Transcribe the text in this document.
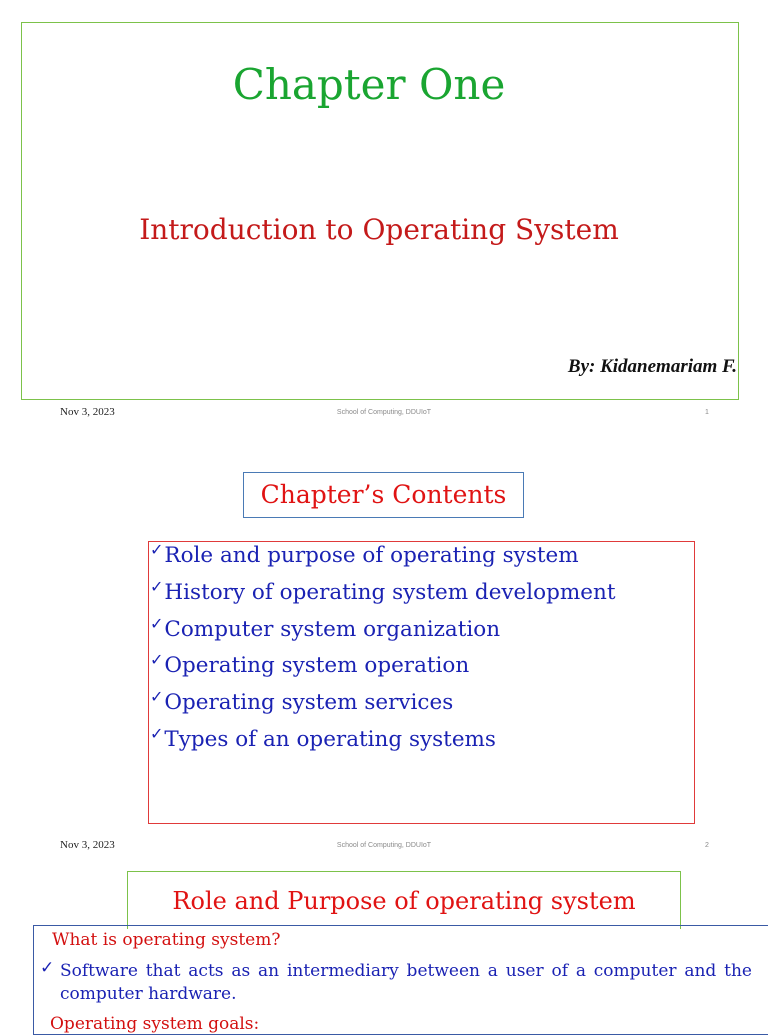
Chapter One
Introduction to Operating System
By: Kidanemariam F.
Nov 3, 2023	School of Computing, DDUIoT	1
Chapter’s Contents
✓Role and purpose of operating system
✓History of operating system development
✓Computer system organization
✓Operating system operation
✓Operating system services
✓Types of an operating systems
Nov 3, 2023	School of Computing, DDUIoT	2
Role and Purpose of operating system
What is operating system?
✓ Software that acts as an intermediary between a user of a computer and the computer hardware.
Operating system goals:
